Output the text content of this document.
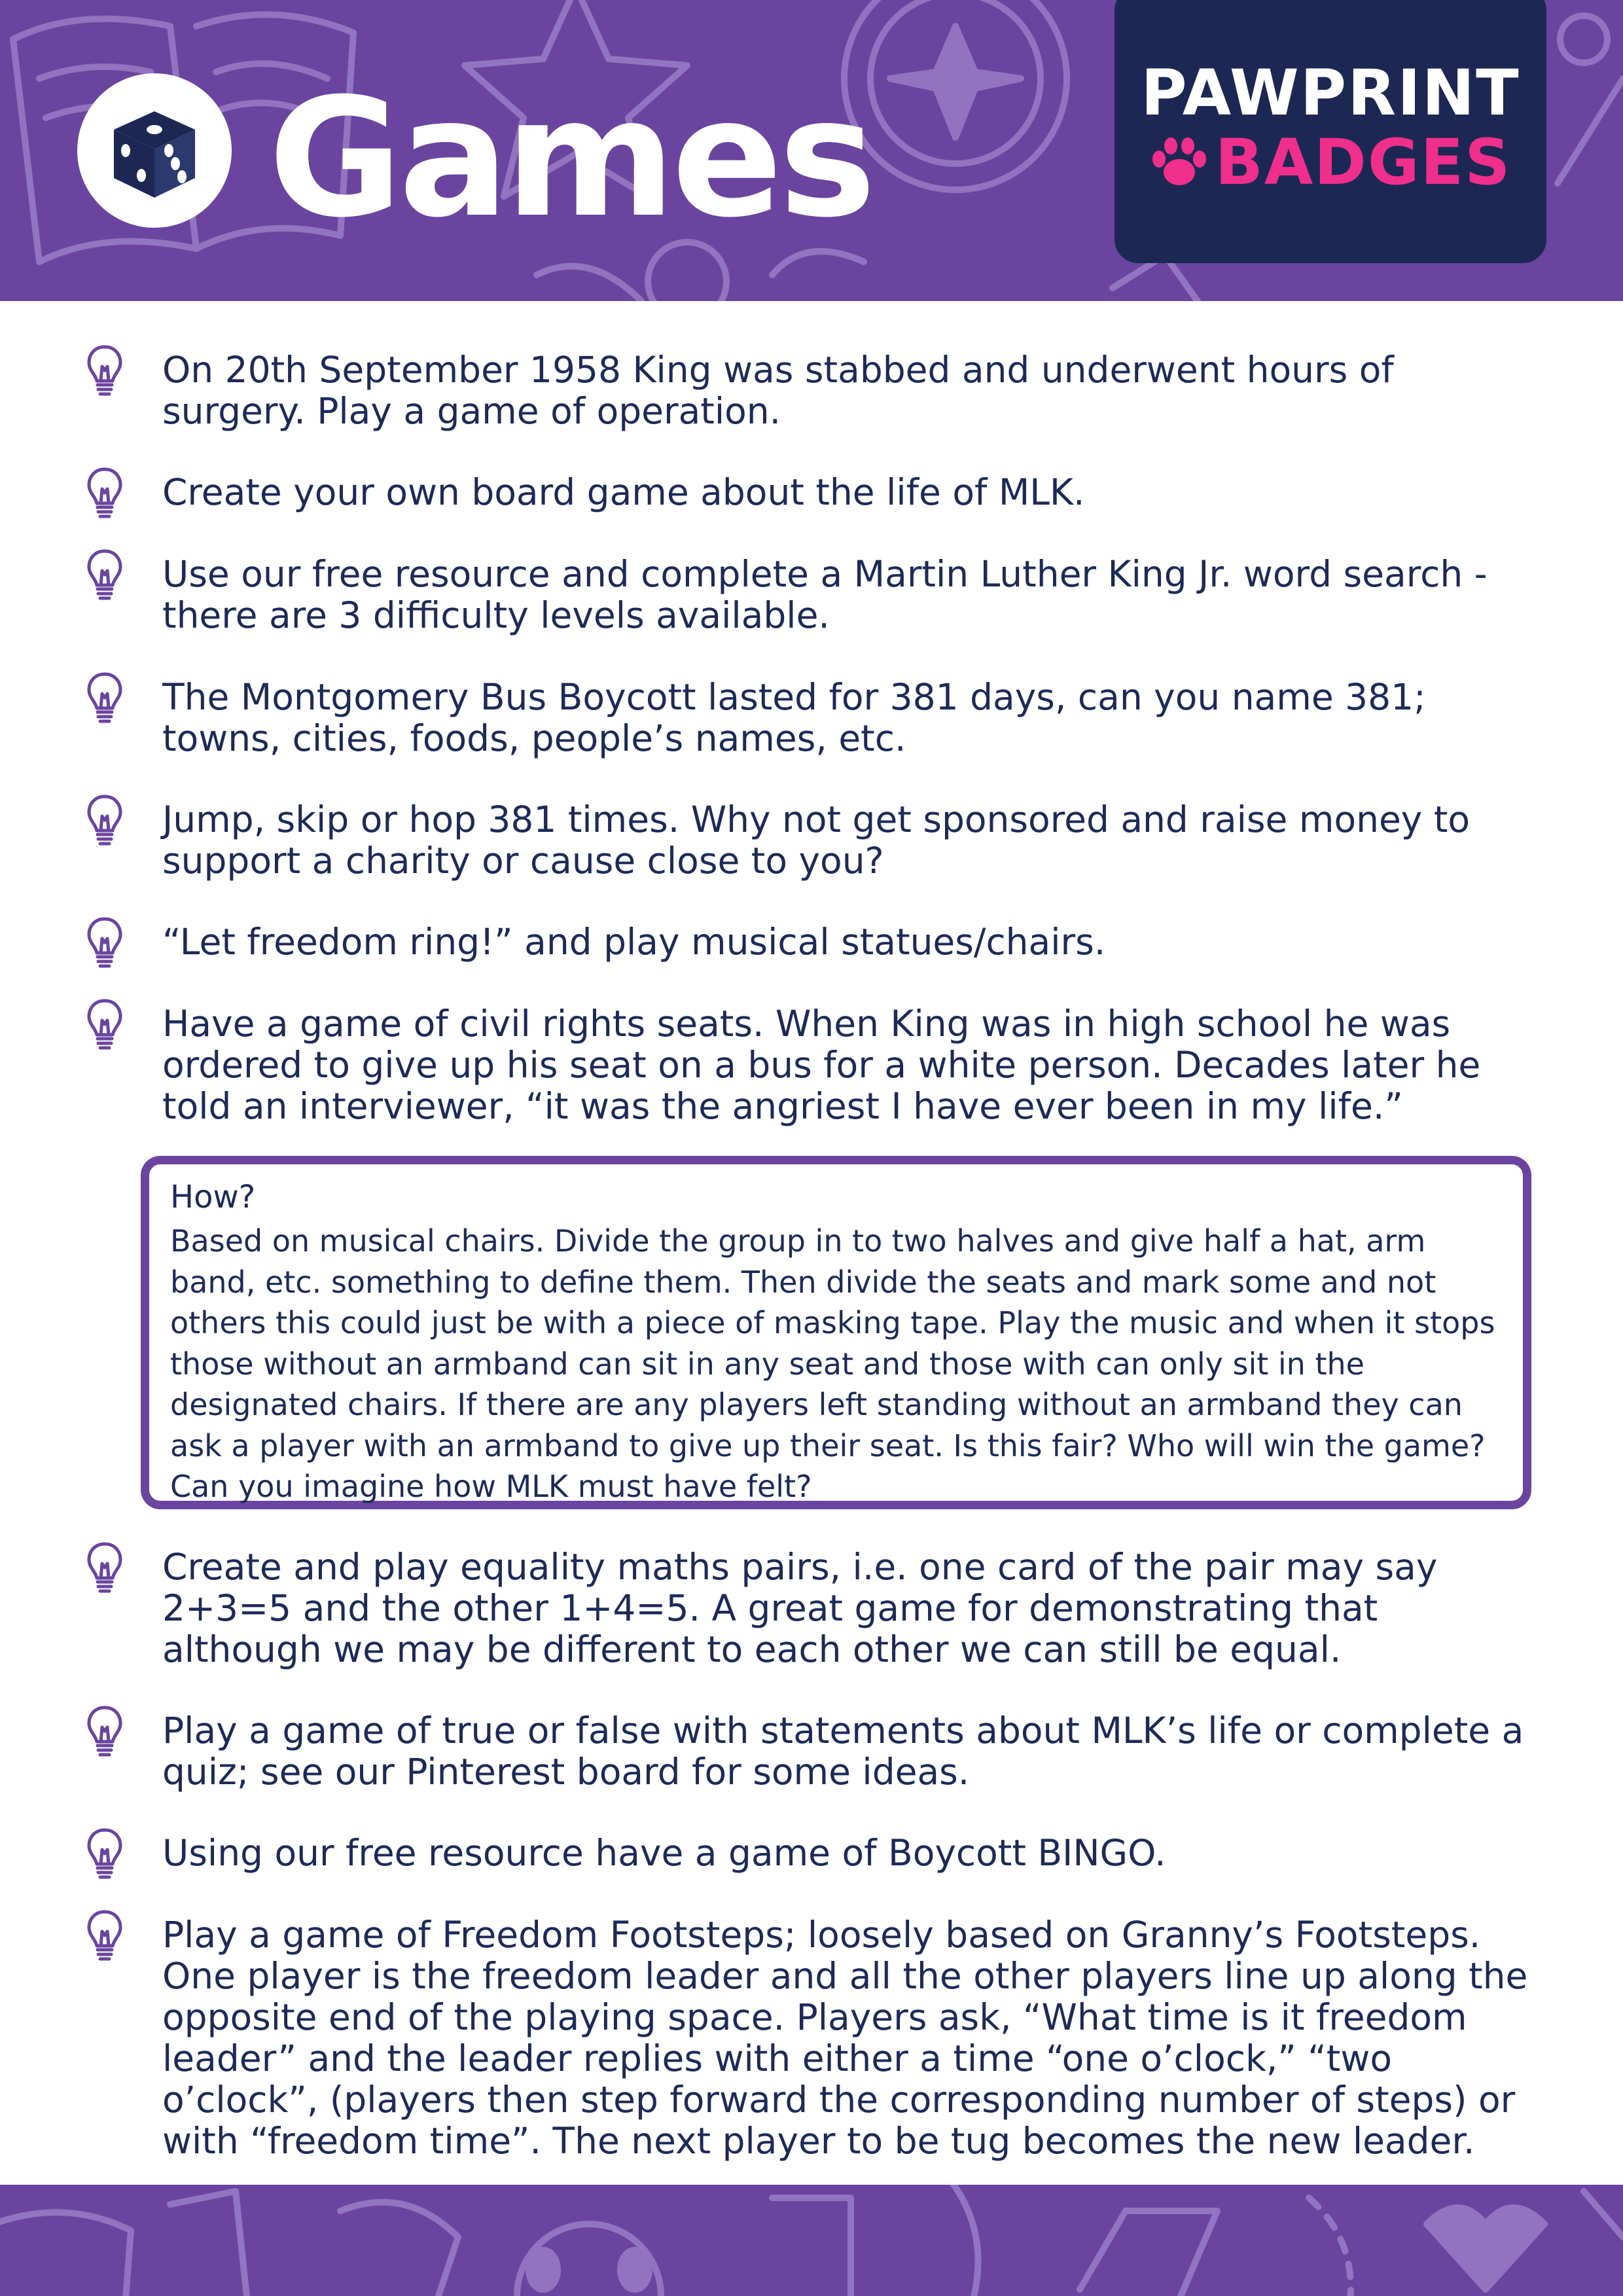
Games	PAWPRINT
BADGES
On 20th September 1958 King was stabbed and underwent hours of surgery. Play a game of operation.
Create your own board game about the life of MLK.
Use our free resource and complete a Martin Luther King Jr. word search - there are 3 difficulty levels available.
The Montgomery Bus Boycott lasted for 381 days, can you name 381; towns, cities, foods, people’s names, etc.
Jump, skip or hop 381 times. Why not get sponsored and raise money to support a charity or cause close to you?
“Let freedom ring!” and play musical statues/chairs.
Have a game of civil rights seats. When King was in high school he was ordered to give up his seat on a bus for a white person. Decades later he told an interviewer, “it was the angriest I have ever been in my life.”
How?
Based on musical chairs. Divide the group in to two halves and give half a hat, arm band, etc. something to define them. Then divide the seats and mark some and not others this could just be with a piece of masking tape. Play the music and when it stops those without an armband can sit in any seat and those with can only sit in the designated chairs. If there are any players left standing without an armband they can ask a player with an armband to give up their seat. Is this fair? Who will win the game? Can you imagine how MLK must have felt?
Create and play equality maths pairs, i.e. one card of the pair may say 2+3=5 and the other 1+4=5. A great game for demonstrating that although we may be different to each other we can still be equal.
Play a game of true or false with statements about MLK’s life or complete a quiz; see our Pinterest board for some ideas.
Using our free resource have a game of Boycott BINGO.
Play a game of Freedom Footsteps; loosely based on Granny’s Footsteps. One player is the freedom leader and all the other players line up along the opposite end of the playing space. Players ask, “What time is it freedom leader” and the leader replies with either a time “one o’clock,” “two o’clock”, (players then step forward the corresponding number of steps) or with “freedom time”. The next player to be tug becomes the new leader.
